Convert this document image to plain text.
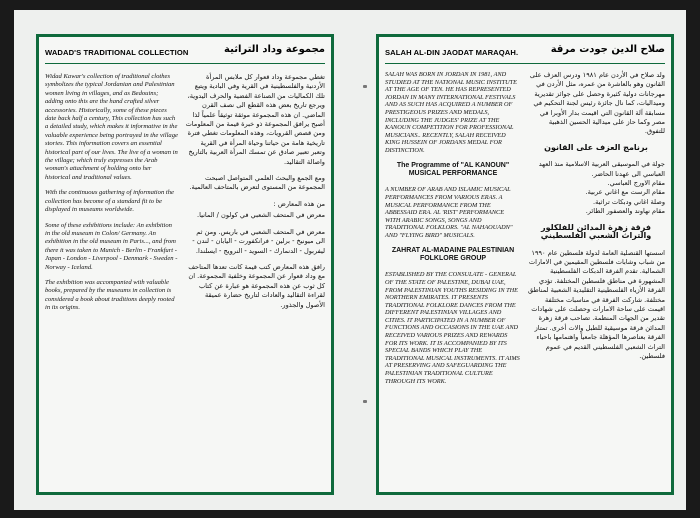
WADAD'S TRADITIONAL COLLECTION	مجموعة وداد التراثية

Widad Kawar's collection of traditional clothes symbolizes the typical Jordanian and Palestinian women living in villages, and as Bedouins; adding onto this are the hand crafted silver accessories. Historically, some of these pieces date back half a century, This collection has such a detailed study, which makes it informative in the valuable experience being portrayed in the village stories. This information covers an essential historical part of our lives. The live of a woman in the village; which truly expresses the Arab woman's attachment of holding onto her historical and traditional values.

With the continuous gathering of information the collection has become of a standard fit to be displayed in museums worldwide.

Some of these exhibitions include: An exhibition in the old museum in Colon/ Germany. An exhibition in the old museum in Paris..., and from there it was taken to Munich - Berlin - Frankfurt - Japan - London - Liverpool - Denmark - Sweden - Norway - Iceland.

The exhibition was accompanied with valuable books, prepared by the museums in collection is considered a book about traditions deeply rooted in its origins.

تغطي مجموعة وداد قعوار كل ملابس المرأة الأردنية والفلسطينية في القرية وفي البادية ويتبع تلك الكماليات من الصناعة الفضية والحرف اليدوية، ويرجع تاريخ بعض هذه القطع الى نصف القرن الماضي. ان هذه المجموعة موثقة توثيقاً علمياً لذا أصبح يرافق المجموعة ذو خبرة قيمة من المعلومات ومن قصص القرويات، وهذه المعلومات تغطي فترة تاريخية هامة من حياتنا وحياة المرأة في القرية وتعبر تعبير صادق عن تمسك المرأة العربية بالتاريخ واصالة التقاليد.

ومع الجمع والبحث العلمي المتواصل اصبحت المجموعة من المستوى لتعرض بالمتاحف العالمية.

من هذه المعارض :

معرض في المتحف الشعبي في كولون / المانيا.

معرض في المتحف الشعبي في باريس. ومن ثم الى ميونيخ - برلين - فرانكفورت - اليابان - لندن - ليفربول - الدنمارك - السويد - النرويج - ايسلندا.

رافق هذه المعارض كتب قيمة كانت تعدها المتاحف مع وداد قعوار عن المجموعة وخلفية المجموعة. ان كل ثوب عن هذه المجموعة هو عبارة عن كتاب لقراءة التقاليد والعادات لتاريخ حضارة عميقة الأصول والجذور.

SALAH AL-DIN JAODAT MARAQAH.	صلاح الدين جودت مرقة

SALAH WAS BORN IN JORDAN IN 1981, AND STUDIED AT THE NATIONAL MUSIC INSTITUTE AT THE AGE OF TEN. HE HAS REPRESENTED JORDAN IN MANY INTERNATIONAL FESTIVALS AND AS SUCH HAS ACQUIRED A NUMBER OF PRESTIGEOUS PRIZES AND MEDALS, INCLUDING THE JUDGES' PRIZE AT THE KANOUN COMPETITION FOR PROFESSIONAL MUSICIANS.. RECENTLY, SALAH RECEIVED KING HUSSEIN OF JORDANS MEDAL FOR DISTINCTION.

The Programme of "AL KANOUN" MUSICAL PERFORMANCE

A NUMBER OF ARAB AND ISLAMIC MUSICAL PERFORMANCES FROM VARIOUS ERAS. A MUSICAL PERFORMANCE FROM THE ABBESSAID ERA. AL 'RIST' PERFORMANCE WITH ARABIC SONGS, SONGS AND TRADITIONAL FOLKLORS. "AL NAHAOUADN" AND "FLYING BIRD" MUSICALS.

ZAHRAT AL-MADAINE PALESTINIAN FOLKLORE GROUP

ESTABLISHED BY THE CONSULATE - GENERAL OF THE STATE OF PALESTINE, DUBAI UAE, FROM PALESTINIAN YOUTHS RESIDING IN THE NORTHERN EMIRATES. IT PRESENTS TRADITIONAL FOLKLORE DANCES FROM THE DIFFERENT PALESTINIAN VILLAGES AND CITIES. IT PARTICIPATED IN A NUMBER OF FUNCTIONS AND OCCASIONS IN THE UAE AND RECEIVED VARIOUS PRIZES AND REWARDS FOR ITS WORK. IT IS ACCOMPANIED BY ITS SPECIAL BANDS WHICH PLAY THE TRADITIONAL MUSICAL INSTRUMENTS. IT AIMS AT PRESERVING AND SAFEGUARDING THE PALESTINIAN TRADITIONAL CULTURE THROUGH ITS WORK.

ولد صلاح في الأردن عام ١٩٨١ ودرس العزف على القانون وهو بالعاشرة من عمره، مثل الأردن في مهرجانات دولية كثيرة وحصل على جوائز تقديرية وميداليات، كما نال جائزة رئيس لجنة التحكيم في مسابقة آلة القانون التي اقيمت بدار الأوبرا في مصر وكما حاز على ميدالية الحسين الذهبية للتفوق.

برنامج العزف على القانون

جولة في الموسيقى العربية الاسلامية منذ العهد العباسي الى عهدنا الحاضر.

مقام الاورج العباسي.

مقام الرست مع اغاني عربية.

وصلة اغاني ودبكات تراثية.

مقام نهاوند والعصفور الطائر.

فرقة زهرة المدائن للفلكلور والتراث الشعبي الفلسطيني

اسستها القنصلية العامة لدولة فلسطين عام ١٩٩٠ من شباب وشابات فلسطين المقيمين في الامارات الشمالية. تقدم الفرقة الدبكات الفلسطينية المشهورة في مناطق فلسطين المختلفة. تؤدي الفرقة الأزياء الفلسطينية التقليدية الشعبية لمناطق مختلفة. شاركت الفرقة في مناسبات مختلفة اقيمت على ساحة الامارات وحصلت على شهادات تقدير من الجهات المنظمة. تصاحب فرقة زهرة المدائن فرقة موسيقية للطبل والات أخرى. تمتاز الفرقة بعناصرها المؤهلة جامعياً واهتمامها باحياء التراث الشعبي الفلسطيني القديم في عموم فلسطين.
